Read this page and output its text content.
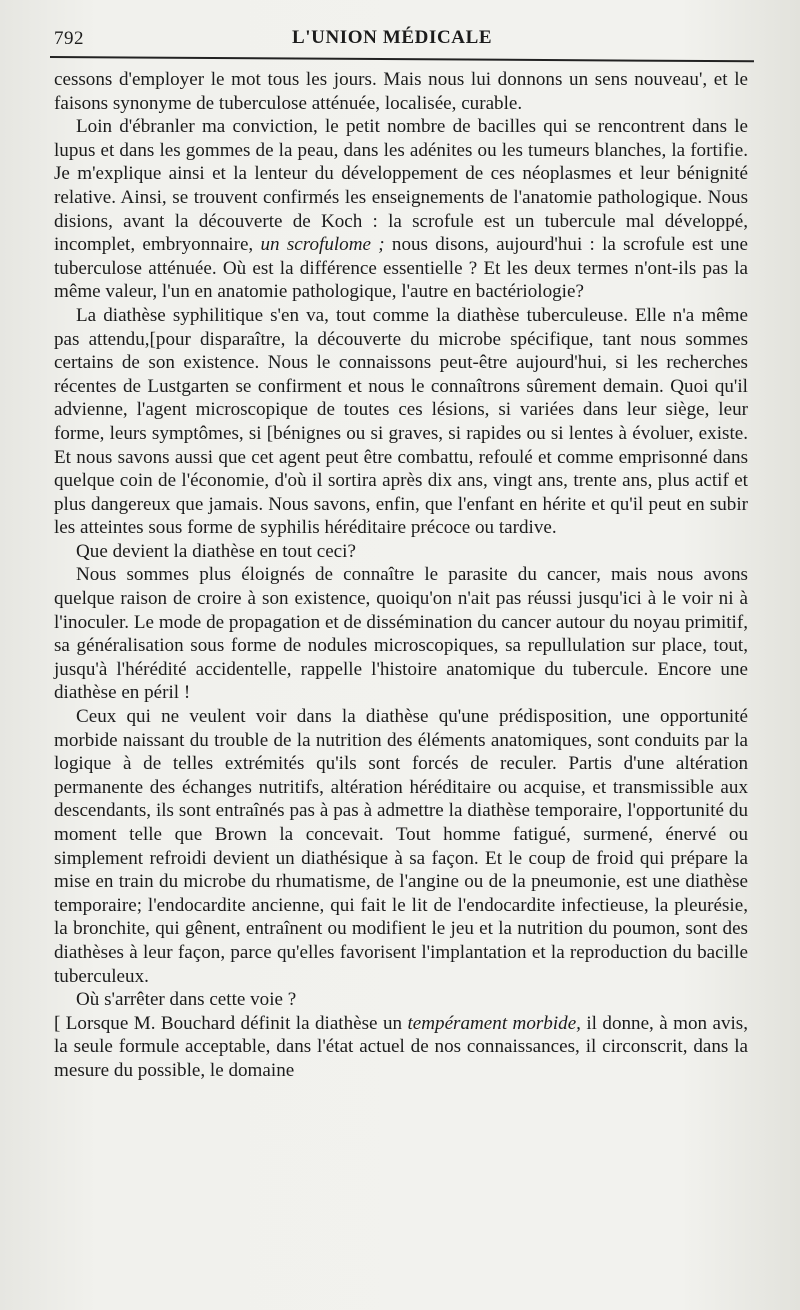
792	L'UNION MÉDICALE

cessons d'employer le mot tous les jours. Mais nous lui donnons un sens nouveau', et le faisons synonyme de tuberculose atténuée, localisée, curable.

Loin d'ébranler ma conviction, le petit nombre de bacilles qui se rencontrent dans le lupus et dans les gommes de la peau, dans les adénites ou les tumeurs blanches, la fortifie. Je m'explique ainsi et la lenteur du développement de ces néoplasmes et leur bénignité relative. Ainsi, se trouvent confirmés les enseignements de l'anatomie pathologique. Nous disions, avant la découverte de Koch : la scrofule est un tubercule mal développé, incomplet, embryonnaire, un scrofulome ; nous disons, aujourd'hui : la scrofule est une tuberculose atténuée. Où est la différence essentielle ? Et les deux termes n'ont-ils pas la même valeur, l'un en anatomie pathologique, l'autre en bactériologie?

La diathèse syphilitique s'en va, tout comme la diathèse tuberculeuse. Elle n'a même pas attendu,[pour disparaître, la découverte du microbe spécifique, tant nous sommes certains de son existence. Nous le connaissons peut-être aujourd'hui, si les recherches récentes de Lustgarten se confirment et nous le connaîtrons sûrement demain. Quoi qu'il advienne, l'agent microscopique de toutes ces lésions, si variées dans leur siège, leur forme, leurs symptômes, si [bénignes ou si graves, si rapides ou si lentes à évoluer, existe. Et nous savons aussi que cet agent peut être combattu, refoulé et comme emprisonné dans quelque coin de l'économie, d'où il sortira après dix ans, vingt ans, trente ans, plus actif et plus dangereux que jamais. Nous savons, enfin, que l'enfant en hérite et qu'il peut en subir les atteintes sous forme de syphilis héréditaire précoce ou tardive.

Que devient la diathèse en tout ceci?

Nous sommes plus éloignés de connaître le parasite du cancer, mais nous avons quelque raison de croire à son existence, quoiqu'on n'ait pas réussi jusqu'ici à le voir ni à l'inoculer. Le mode de propagation et de dissémination du cancer autour du noyau primitif, sa généralisation sous forme de nodules microscopiques, sa repullulation sur place, tout, jusqu'à l'hérédité accidentelle, rappelle l'histoire anatomique du tubercule. Encore une diathèse en péril !

Ceux qui ne veulent voir dans la diathèse qu'une prédisposition, une opportunité morbide naissant du trouble de la nutrition des éléments anatomiques, sont conduits par la logique à de telles extrémités qu'ils sont forcés de reculer. Partis d'une altération permanente des échanges nutritifs, altération héréditaire ou acquise, et transmissible aux descendants, ils sont entraînés pas à pas à admettre la diathèse temporaire, l'opportunité du moment telle que Brown la concevait. Tout homme fatigué, surmené, énervé ou simplement refroidi devient un diathésique à sa façon. Et le coup de froid qui prépare la mise en train du microbe du rhumatisme, de l'angine ou de la pneumonie, est une diathèse temporaire; l'endocardite ancienne, qui fait le lit de l'endocardite infectieuse, la pleurésie, la bronchite, qui gênent, entraînent ou modifient le jeu et la nutrition du poumon, sont des diathèses à leur façon, parce qu'elles favorisent l'implantation et la reproduction du bacille tuberculeux.

Où s'arrêter dans cette voie ?

[ Lorsque M. Bouchard définit la diathèse un tempérament morbide, il donne, à mon avis, la seule formule acceptable, dans l'état actuel de nos connaissances, il circonscrit, dans la mesure du possible, le domaine
